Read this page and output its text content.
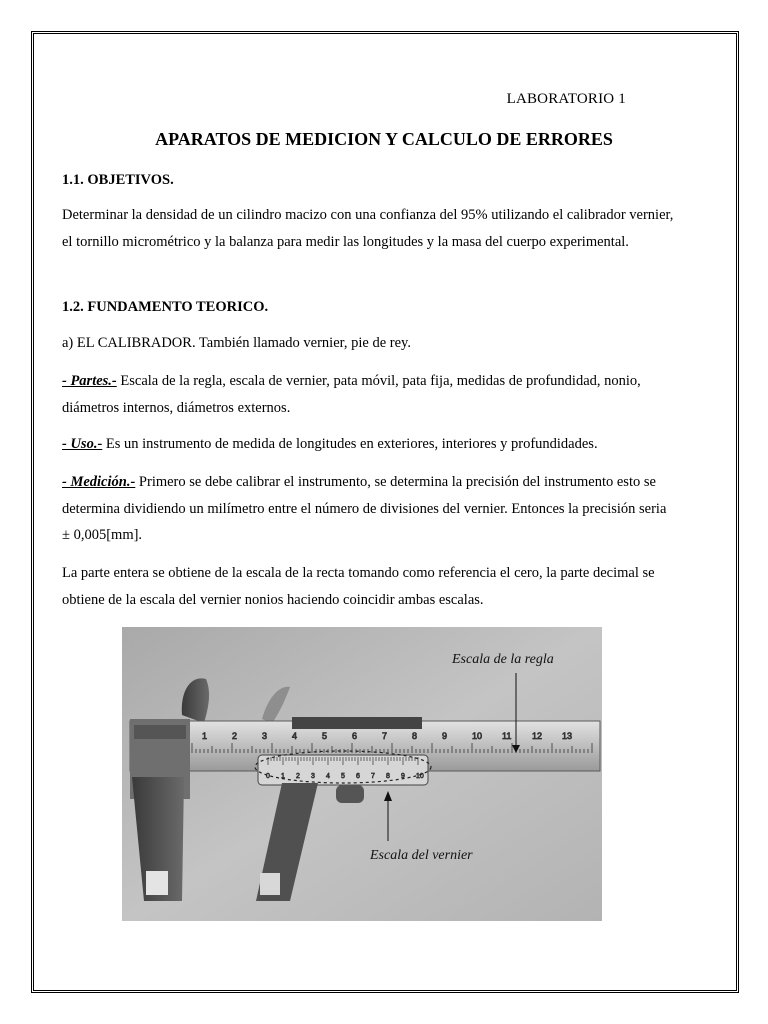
LABORATORIO 1
APARATOS DE MEDICION Y CALCULO DE ERRORES
1.1. OBJETIVOS.
Determinar la densidad de un cilindro macizo con una confianza del 95% utilizando el calibrador vernier, el tornillo micrométrico y la balanza para medir las longitudes y la masa del cuerpo experimental.
1.2. FUNDAMENTO TEORICO.
a) EL CALIBRADOR. También llamado vernier, pie de rey.
- Partes.- Escala de la regla, escala de vernier, pata móvil, pata fija, medidas de profundidad, nonio, diámetros internos, diámetros externos.
- Uso.- Es un instrumento de medida de longitudes en exteriores, interiores y profundidades.
- Medición.- Primero se debe calibrar el instrumento, se determina la precisión del instrumento esto se determina dividiendo un milímetro entre el número de divisiones del vernier. Entonces la precisión seria ± 0,005[mm].
La parte entera se obtiene de la escala de la recta tomando como referencia el cero, la parte decimal se obtiene de la escala del vernier nonios haciendo coincidir ambas escalas.
1	2	3	4	5	6	7	8	9	10 11 12 13
0 1 2 3 4 5 6 7 8 9 10
Escala de la regla
Escala del vernier
